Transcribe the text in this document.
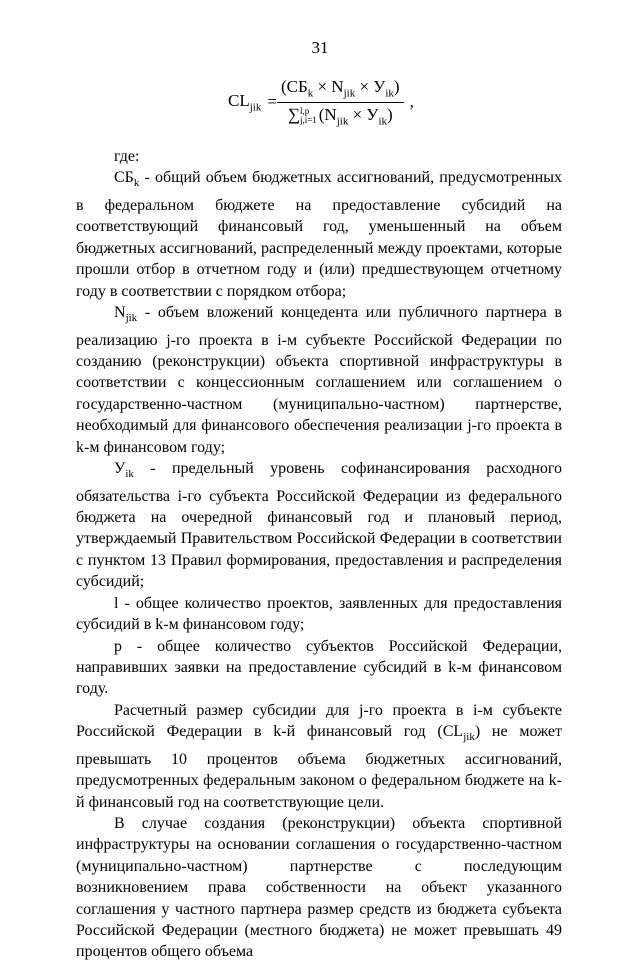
31
$CL_{jik} = (СБ_k \times N_{jik} \times У_{ik})$
∑ l,p
j,i=1 $(N_{jik} \times У_{ik})$ ,

где:

$СБ_k$ - общий объем бюджетных ассигнований, предусмотренных в федеральном бюджете на предоставление субсидий на соответствующий финансовый год, уменьшенный на объем бюджетных ассигнований, распределенный между проектами, которые прошли отбор в отчетном году и (или) предшествующем отчетному году в соответствии с порядком отбора;

$N_{jik}$ - объем вложений концедента или публичного партнера в реализацию j-го проекта в i-м субъекте Российской Федерации по созданию (реконструкции) объекта спортивной инфраструктуры в соответствии с концессионным соглашением или соглашением о государственно-частном (муниципально-частном) партнерстве, необходимый для финансового обеспечения реализации j-го проекта в k-м финансовом году;

$У_{ik}$ - предельный уровень софинансирования расходного обязательства i-го субъекта Российской Федерации из федерального бюджета на очередной финансовый год и плановый период, утверждаемый Правительством Российской Федерации в соответствии с пунктом 13 Правил формирования, предоставления и распределения субсидий;

l - общее количество проектов, заявленных для предоставления субсидий в k-м финансовом году;

p - общее количество субъектов Российской Федерации, направивших заявки на предоставление субсидий в k-м финансовом году.

Расчетный размер субсидии для j-го проекта в i-м субъекте Российской Федерации в k-й финансовый год $(CL_{jik})$ не может превышать 10 процентов объема бюджетных ассигнований, предусмотренных федеральным законом о федеральном бюджете на k-й финансовый год на соответствующие цели.

В случае создания (реконструкции) объекта спортивной инфраструктуры на основании соглашения о государственно-частном (муниципально-частном) партнерстве с последующим возникновением права собственности на объект указанного соглашения у частного партнера размер средств из бюджета субъекта Российской Федерации (местного бюджета) не может превышать 49 процентов общего объема
